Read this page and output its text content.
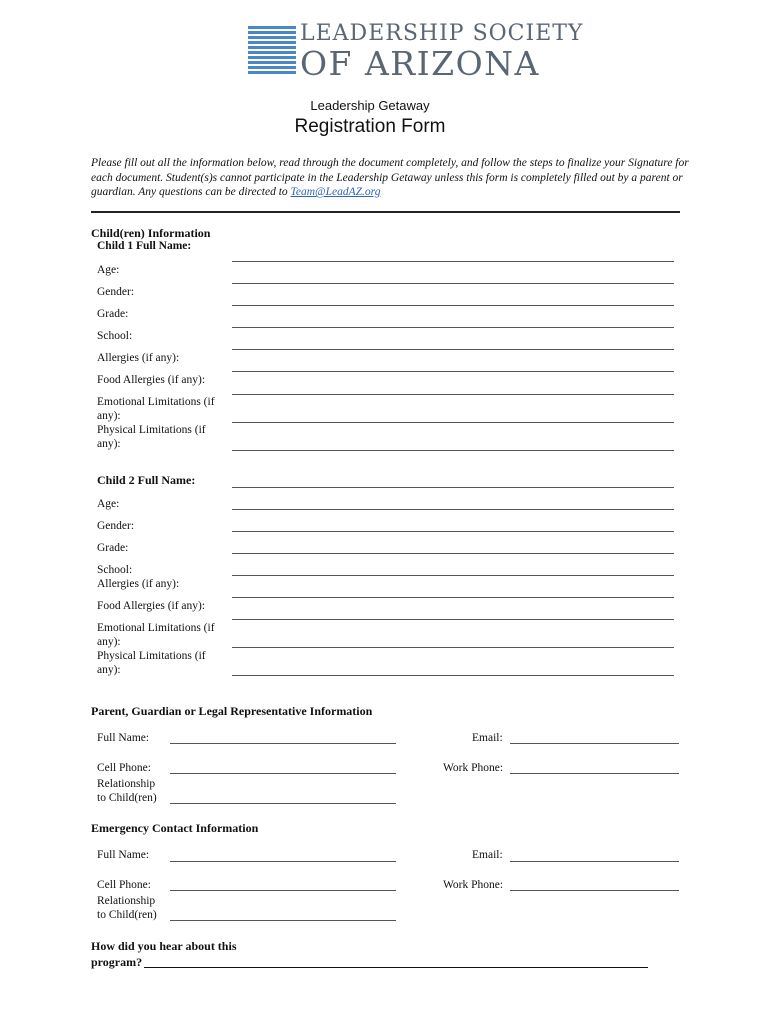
LEADERSHIP SOCIETY
OF ARIZONA
Leadership Getaway
Registration Form
Please fill out all the information below, read through the document completely, and follow the steps to finalize your Signature for each document. Student(s)s cannot participate in the Leadership Getaway unless this form is completely filled out by a parent or guardian. Any questions can be directed to Team@LeadAZ.org
Child(ren) Information
Child 1 Full Name:
Age:
Gender:
Grade:
School:
Allergies (if any):
Food Allergies (if any):
Emotional Limitations (if
any):
Physical Limitations (if
any):
Child 2 Full Name:
Age:
Gender:
Grade:
School:
Allergies (if any):
Food Allergies (if any):
Emotional Limitations (if
any):
Physical Limitations (if
any):
Parent, Guardian or Legal Representative Information
Full Name:	Email:
Cell Phone:	Work Phone:
Relationship
to Child(ren)
Emergency Contact Information
Full Name:	Email:
Cell Phone:	Work Phone:
Relationship
to Child(ren)
How did you hear about this
program?
